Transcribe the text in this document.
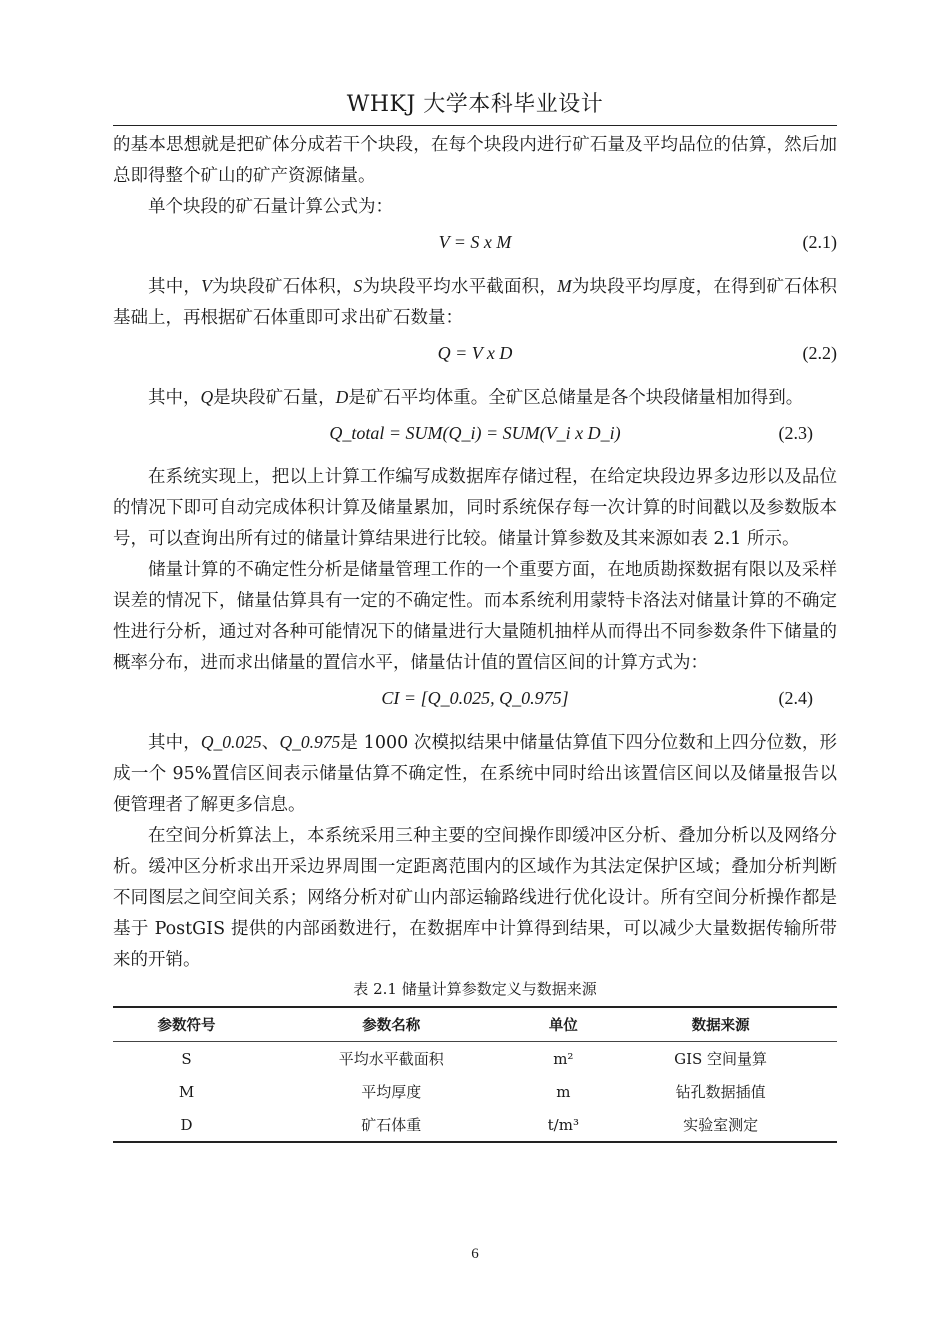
WHKJ 大学本科毕业设计

的基本思想就是把矿体分成若干个块段，在每个块段内进行矿石量及平均品位的估算，然后加总即得整个矿山的矿产资源储量。

单个块段的矿石量计算公式为：

V = S x M	(2.1)

其中，V为块段矿石体积，S为块段平均水平截面积，M为块段平均厚度，在得到矿石体积基础上，再根据矿石体重即可求出矿石数量：

Q = V x D	(2.2)

其中，Q是块段矿石量，D是矿石平均体重。全矿区总储量是各个块段储量相加得到。

Q_total = SUM(Q_i) = SUM(V_i x D_i)	(2.3)

在系统实现上，把以上计算工作编写成数据库存储过程，在给定块段边界多边形以及品位的情况下即可自动完成体积计算及储量累加，同时系统保存每一次计算的时间戳以及参数版本号，可以查询出所有过的储量计算结果进行比较。储量计算参数及其来源如表 2.1 所示。

储量计算的不确定性分析是储量管理工作的一个重要方面，在地质勘探数据有限以及采样误差的情况下，储量估算具有一定的不确定性。而本系统利用蒙特卡洛法对储量计算的不确定性进行分析，通过对各种可能情况下的储量进行大量随机抽样从而得出不同参数条件下储量的概率分布，进而求出储量的置信水平，储量估计值的置信区间的计算方式为：

CI = [Q_0.025, Q_0.975]	(2.4)

其中，Q_0.025、Q_0.975是 1000 次模拟结果中储量估算值下四分位数和上四分位数，形成一个 95%置信区间表示储量估算不确定性，在系统中同时给出该置信区间以及储量报告以便管理者了解更多信息。

在空间分析算法上，本系统采用三种主要的空间操作即缓冲区分析、叠加分析以及网络分析。缓冲区分析求出开采边界周围一定距离范围内的区域作为其法定保护区域；叠加分析判断不同图层之间空间关系；网络分析对矿山内部运输路线进行优化设计。所有空间分析操作都是基于 PostGIS 提供的内部函数进行，在数据库中计算得到结果，可以减少大量数据传输所带来的开销。

表 2.1 储量计算参数定义与数据来源
参数符号	参数名称	单位	数据来源
S	平均水平截面积	m²	GIS 空间量算
M	平均厚度	m	钻孔数据插值
D	矿石体重	t/m³	实验室测定
6
